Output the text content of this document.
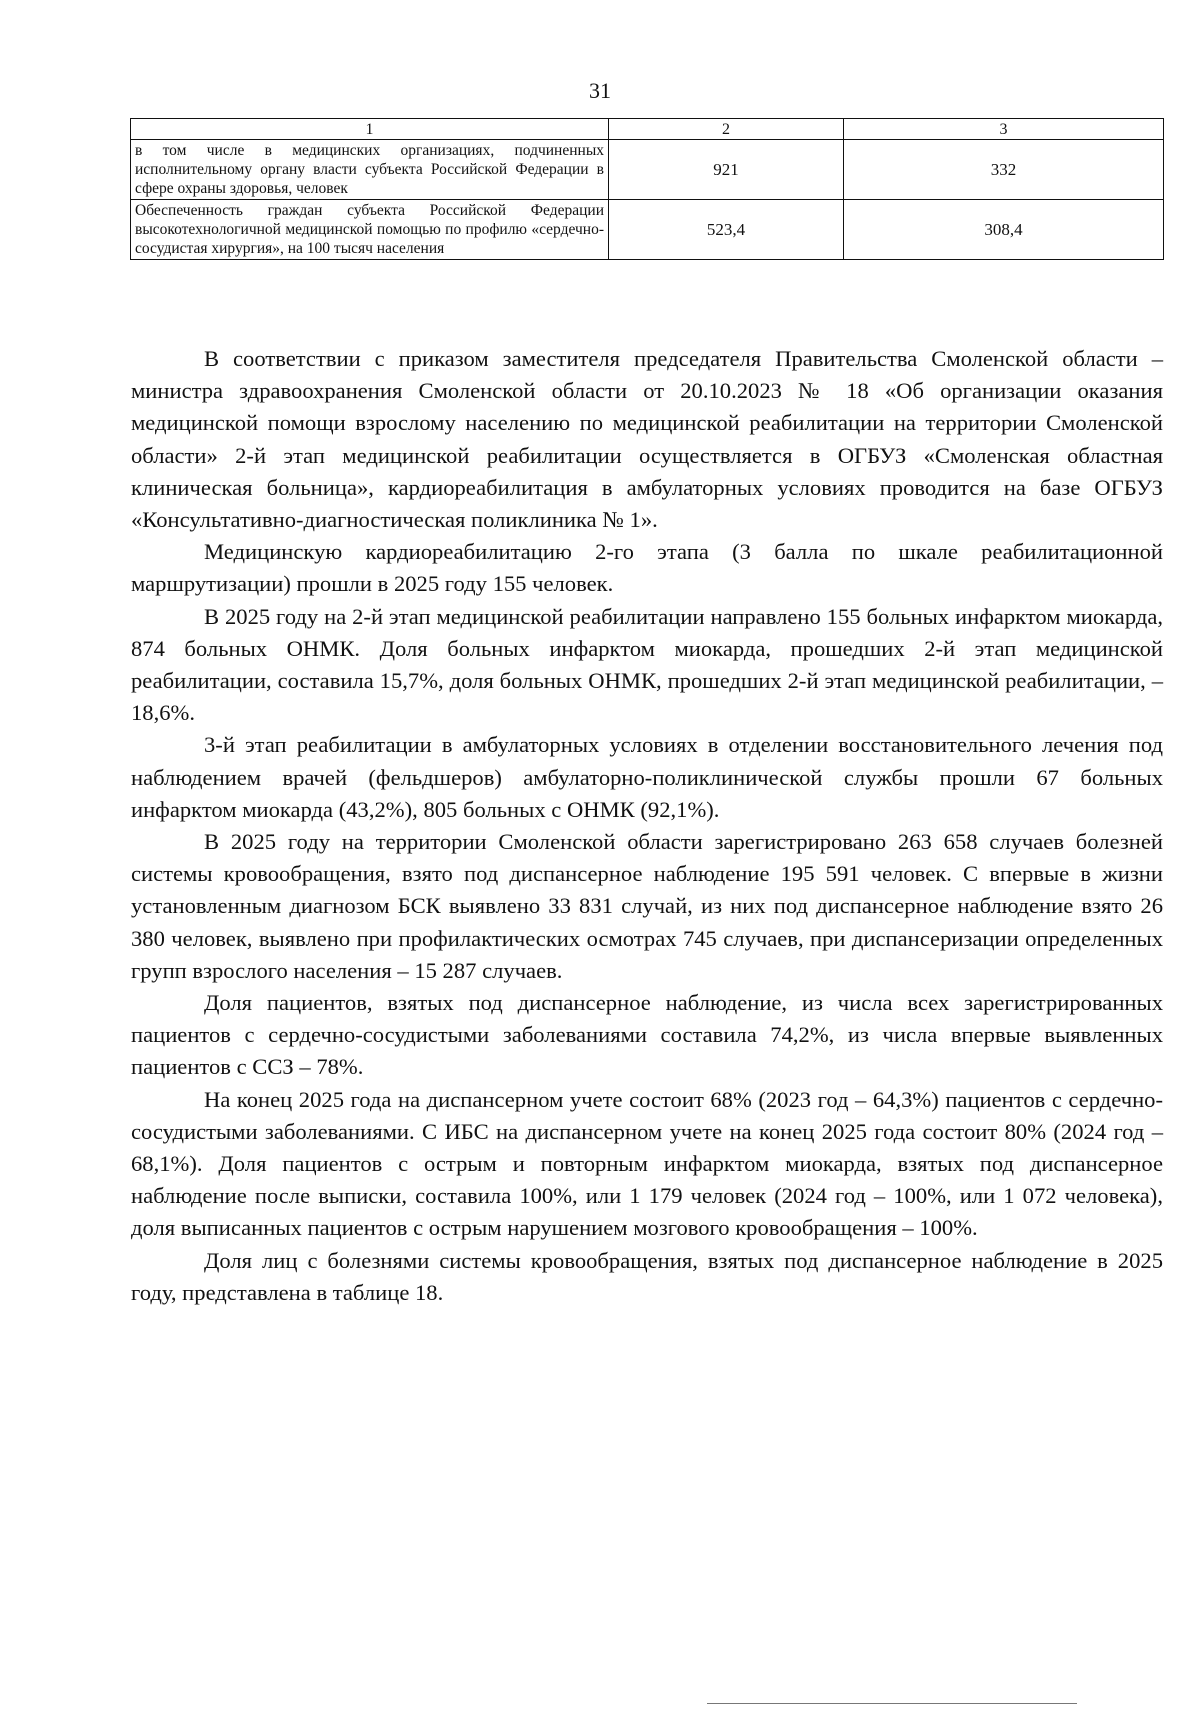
31
1	2	3
в том числе в медицинских организациях, подчиненных исполнительному органу власти субъекта Российской Федерации в сфере охраны здоровья, человек	921	332
Обеспеченность граждан субъекта Российской Федерации высокотехнологичной медицинской помощью по профилю «сердечно-сосудистая хирургия», на 100 тысяч населения	523,4	308,4

В соответствии с приказом заместителя председателя Правительства Смоленской области – министра здравоохранения Смоленской области от 20.10.2023 № 18 «Об организации оказания медицинской помощи взрослому населению по медицинской реабилитации на территории Смоленской области» 2-й этап медицинской реабилитации осуществляется в ОГБУЗ «Смоленская областная клиническая больница», кардиореабилитация в амбулаторных условиях проводится на базе ОГБУЗ «Консультативно-диагностическая поликлиника № 1».

Медицинскую кардиореабилитацию 2-го этапа (3 балла по шкале реабилитационной маршрутизации) прошли в 2025 году 155 человек.

В 2025 году на 2-й этап медицинской реабилитации направлено 155 больных инфарктом миокарда, 874 больных ОНМК. Доля больных инфарктом миокарда, прошедших 2-й этап медицинской реабилитации, составила 15,7%, доля больных ОНМК, прошедших 2-й этап медицинской реабилитации, – 18,6%.

3-й этап реабилитации в амбулаторных условиях в отделении восстановительного лечения под наблюдением врачей (фельдшеров) амбулаторно-поликлинической службы прошли 67 больных инфарктом миокарда (43,2%), 805 больных с ОНМК (92,1%).

В 2025 году на территории Смоленской области зарегистрировано 263 658 случаев болезней системы кровообращения, взято под диспансерное наблюдение 195 591 человек. С впервые в жизни установленным диагнозом БСК выявлено 33 831 случай, из них под диспансерное наблюдение взято 26 380 человек, выявлено при профилактических осмотрах 745 случаев, при диспансеризации определенных групп взрослого населения – 15 287 случаев.

Доля пациентов, взятых под диспансерное наблюдение, из числа всех зарегистрированных пациентов с сердечно-сосудистыми заболеваниями составила 74,2%, из числа впервые выявленных пациентов с ССЗ – 78%.

На конец 2025 года на диспансерном учете состоит 68% (2023 год – 64,3%) пациентов с сердечно-сосудистыми заболеваниями. С ИБС на диспансерном учете на конец 2025 года состоит 80% (2024 год – 68,1%). Доля пациентов с острым и повторным инфарктом миокарда, взятых под диспансерное наблюдение после выписки, составила 100%, или 1 179 человек (2024 год – 100%, или 1 072 человека), доля выписанных пациентов с острым нарушением мозгового кровообращения – 100%.

Доля лиц с болезнями системы кровообращения, взятых под диспансерное наблюдение в 2025 году, представлена в таблице 18.
